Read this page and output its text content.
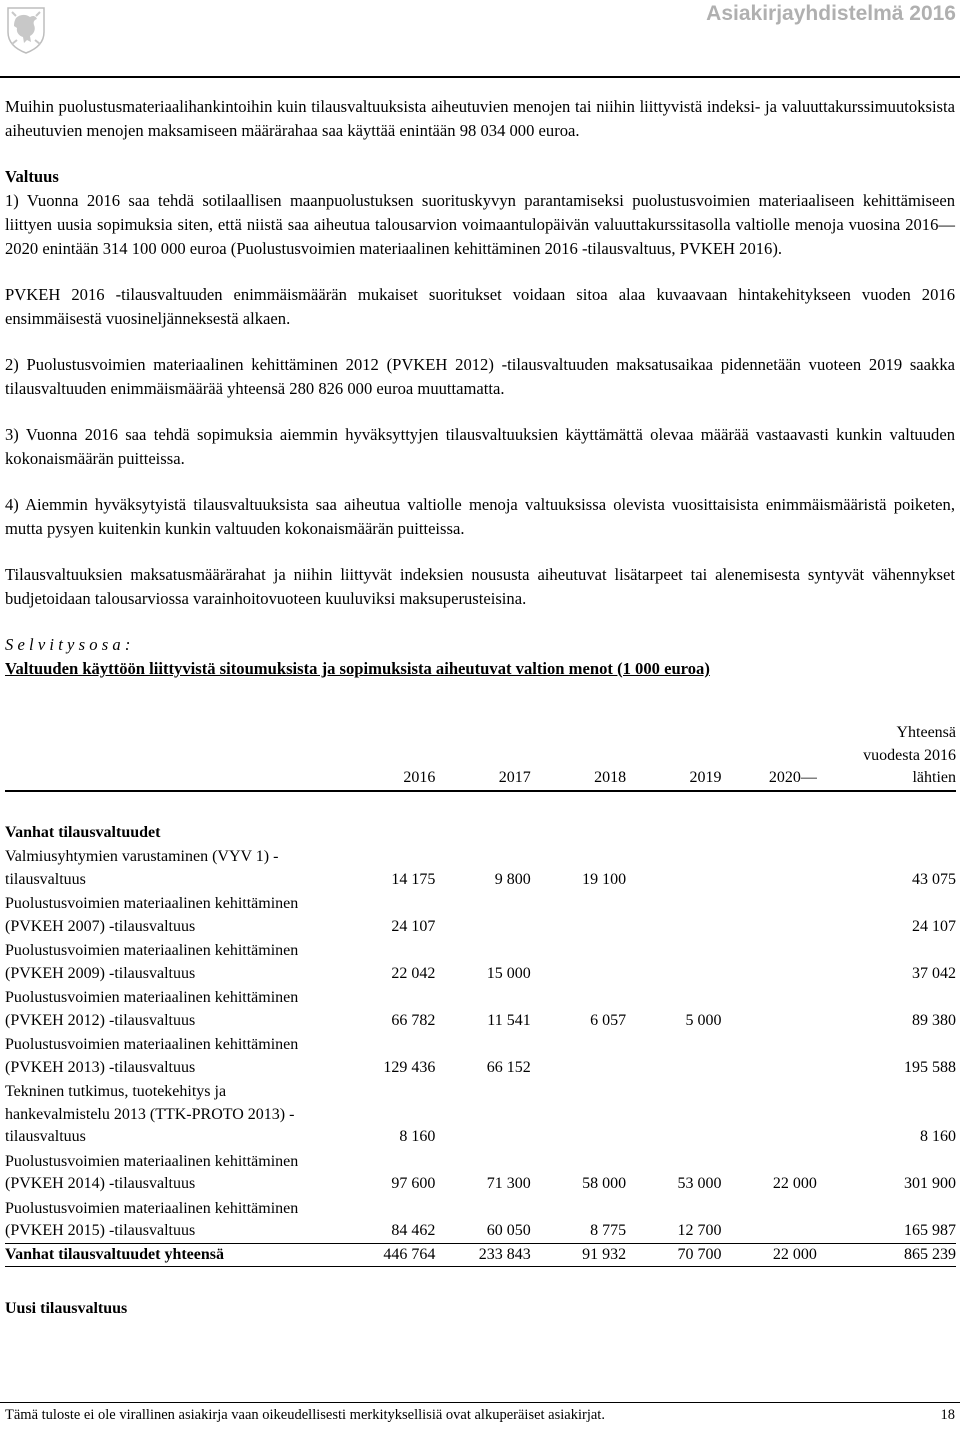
Asiakirjayhdistelmä 2016

Muihin puolustusmateriaalihankintoihin kuin tilausvaltuuksista aiheutuvien menojen tai niihin liittyvistä indeksi- ja valuuttakurssimuutoksista aiheutuvien menojen maksamiseen määrärahaa saa käyttää enintään 98 034 000 euroa.

Valtuus

1) Vuonna 2016 saa tehdä sotilaallisen maanpuolustuksen suorituskyvyn parantamiseksi puolustusvoimien materiaaliseen kehittämiseen liittyen uusia sopimuksia siten, että niistä saa aiheutua talousarvion voimaantulopäivän valuuttakurssitasolla valtiolle menoja vuosina 2016—2020 enintään 314 100 000 euroa (Puolustusvoimien materiaalinen kehittäminen 2016 -tilausvaltuus, PVKEH 2016).

PVKEH 2016 -tilausvaltuuden enimmäismäärän mukaiset suoritukset voidaan sitoa alaa kuvaavaan hintakehitykseen vuoden 2016 ensimmäisestä vuosineljänneksestä alkaen.

2) Puolustusvoimien materiaalinen kehittäminen 2012 (PVKEH 2012) -tilausvaltuuden maksatusaikaa pidennetään vuoteen 2019 saakka tilausvaltuuden enimmäismäärää yhteensä 280 826 000 euroa muuttamatta.

3) Vuonna 2016 saa tehdä sopimuksia aiemmin hyväksyttyjen tilausvaltuuksien käyttämättä olevaa määrää vastaavasti kunkin valtuuden kokonaismäärän puitteissa.

4) Aiemmin hyväksytyistä tilausvaltuuksista saa aiheutua valtiolle menoja valtuuksissa olevista vuosittaisista enimmäismääristä poiketen, mutta pysyen kuitenkin kunkin valtuuden kokonaismäärän puitteissa.

Tilausvaltuuksien maksatusmäärärahat ja niihin liittyvät indeksien noususta aiheutuvat lisätarpeet tai alenemisesta syntyvät vähennykset budjetoidaan talousarviossa varainhoitovuoteen kuuluviksi maksuperusteisina.

Selvitysosa:
Valtuuden käyttöön liittyvistä sitoumuksista ja sopimuksista aiheutuvat valtion menot (1 000 euroa)
	2016	2017	2018	2019	2020—	Yhteensä vuodesta 2016 lähtien

Vanhat tilausvaltuudet						
Valmiusyhtymien varustaminen (VYV 1) -tilausvaltuus	14 175	9 800	19 100			43 075
Puolustusvoimien materiaalinen kehittäminen (PVKEH 2007) -tilausvaltuus	24 107					24 107
Puolustusvoimien materiaalinen kehittäminen (PVKEH 2009) -tilausvaltuus	22 042	15 000				37 042
Puolustusvoimien materiaalinen kehittäminen (PVKEH 2012) -tilausvaltuus	66 782	11 541	6 057	5 000		89 380
Puolustusvoimien materiaalinen kehittäminen (PVKEH 2013) -tilausvaltuus	129 436	66 152				195 588
Tekninen tutkimus, tuotekehitys ja hankevalmistelu 2013 (TTK-PROTO 2013) -tilausvaltuus	8 160					8 160
Puolustusvoimien materiaalinen kehittäminen (PVKEH 2014) -tilausvaltuus	97 600	71 300	58 000	53 000	22 000	301 900
Puolustusvoimien materiaalinen kehittäminen (PVKEH 2015) -tilausvaltuus	84 462	60 050	8 775	12 700		165 987
Vanhat tilausvaltuudet yhteensä	446 764	233 843	91 932	70 700	22 000	865 239
Uusi tilausvaltuus
Tämä tuloste ei ole virallinen asiakirja vaan oikeudellisesti merkityksellisiä ovat alkuperäiset asiakirjat.	18
